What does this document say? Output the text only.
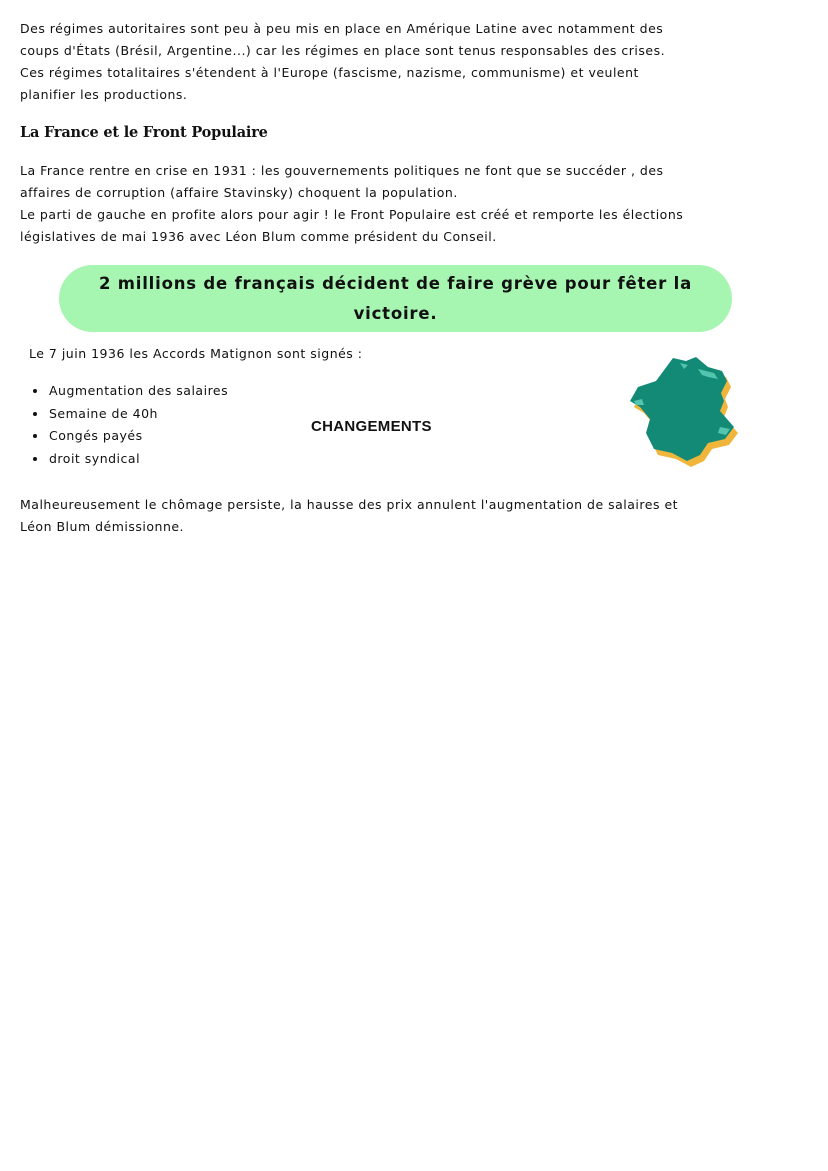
Des régimes autoritaires sont peu à peu mis en place en Amérique Latine avec notamment des

coups d'États (Brésil, Argentine...) car les régimes en place sont tenus responsables des crises.

Ces régimes totalitaires s'étendent à l'Europe (fascisme, nazisme, communisme) et veulent

planifier les productions.

La France et le Front Populaire

La France rentre en crise en 1931 : les gouvernements politiques ne font que se succéder , des

affaires de corruption (affaire Stavinsky) choquent la population.

Le parti de gauche en profite alors pour agir ! le Front Populaire est créé et remporte les élections

législatives de mai 1936 avec Léon Blum comme président du Conseil.

2 millions de français décident de faire grève pour fêter la victoire.
Le 7 juin 1936 les Accords Matignon sont signés :
Augmentation des salaires
Semaine de 40h
Congés payés
droit syndical
CHANGEMENTS

Malheureusement le chômage persiste, la hausse des prix annulent l'augmentation de salaires et

Léon Blum démissionne.
